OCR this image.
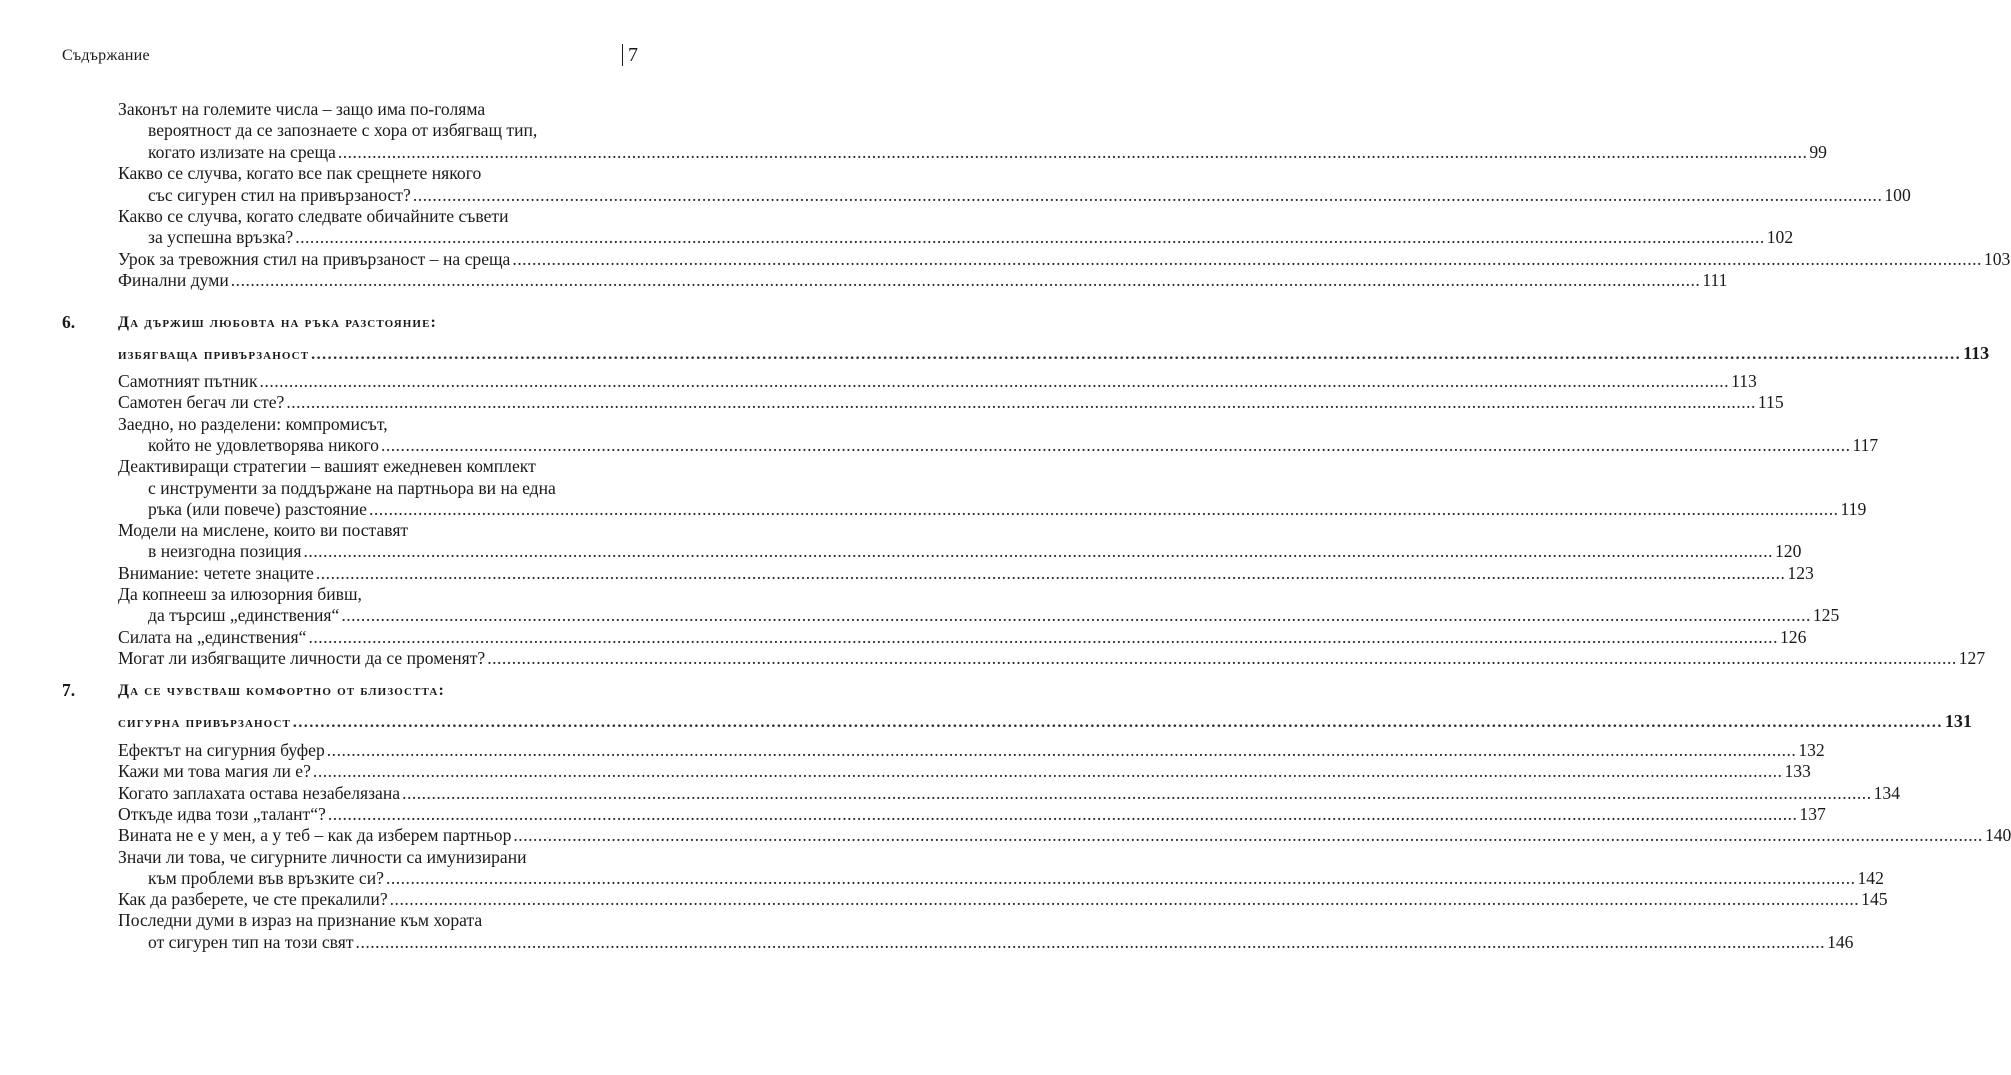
Съдържание	7
Законът на големите числа – защо има по-голяма
вероятност да се запознаете с хора от избягващ тип,
когато излизате на среща ............................................................................................................................................................................................................................................................................................................ 99
Какво се случва, когато все пак срещнете някого
със сигурен стил на привързаност? ............................................................................................................................................................................................................................................................................................................ 100
Какво се случва, когато следвате обичайните съвети
за успешна връзка? ............................................................................................................................................................................................................................................................................................................ 102
Урок за тревожния стил на привързаност – на среща ............................................................................................................................................................................................................................................................................................................ 103
Финални думи ............................................................................................................................................................................................................................................................................................................ 111
6.	Да държиш любовта на ръка разстояние:
избягваща привързаност ............................................................................................................................................................................................................................................................................................................ 113
Самотният пътник ............................................................................................................................................................................................................................................................................................................ 113
Самотен бегач ли сте? ............................................................................................................................................................................................................................................................................................................ 115
Заедно, но разделени: компромисът,
който не удовлетворява никого ............................................................................................................................................................................................................................................................................................................ 117
Деактивиращи стратегии – вашият ежедневен комплект
с инструменти за поддържане на партньора ви на една
ръка (или повече) разстояние ............................................................................................................................................................................................................................................................................................................ 119
Модели на мислене, които ви поставят
в неизгодна позиция ............................................................................................................................................................................................................................................................................................................ 120
Внимание: четете знаците ............................................................................................................................................................................................................................................................................................................ 123
Да копнееш за илюзорния бивш,
да търсиш „единствения“ ............................................................................................................................................................................................................................................................................................................ 125
Силата на „единствения“ ............................................................................................................................................................................................................................................................................................................ 126
Могат ли избягващите личности да се променят? ............................................................................................................................................................................................................................................................................................................ 127
7.	Да се чувстваш комфортно от близостта:
сигурна привързаност ............................................................................................................................................................................................................................................................................................................ 131
Ефектът на сигурния буфер ............................................................................................................................................................................................................................................................................................................ 132
Кажи ми това магия ли е? ............................................................................................................................................................................................................................................................................................................ 133
Когато заплахата остава незабелязана ............................................................................................................................................................................................................................................................................................................ 134
Откъде идва този „талант“? ............................................................................................................................................................................................................................................................................................................ 137
Вината не е у мен, а у теб – как да изберем партньор ............................................................................................................................................................................................................................................................................................................ 140
Значи ли това, че сигурните личности са имунизирани
към проблеми във връзките си? ............................................................................................................................................................................................................................................................................................................ 142
Как да разберете, че сте прекалили? ............................................................................................................................................................................................................................................................................................................ 145
Последни думи в израз на признание към хората
от сигурен тип на този свят ............................................................................................................................................................................................................................................................................................................ 146
